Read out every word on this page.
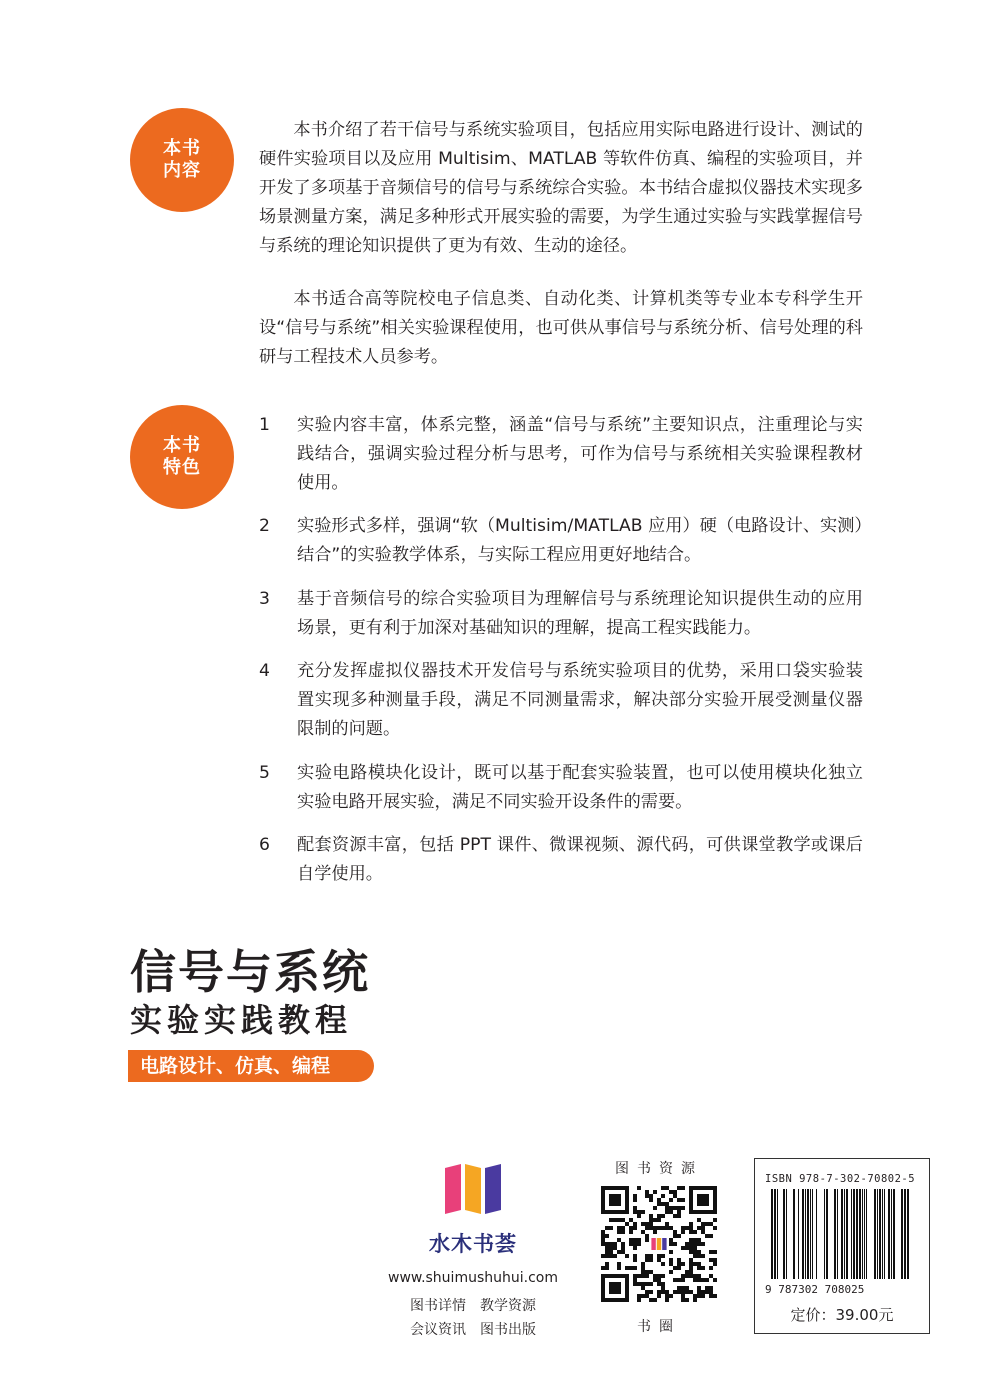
本书
内容

本书介绍了若干信号与系统实验项目，包括应用实际电路进行设计、测试的硬件实验项目以及应用 Multisim、MATLAB 等软件仿真、编程的实验项目，并开发了多项基于音频信号的信号与系统综合实验。本书结合虚拟仪器技术实现多场景测量方案，满足多种形式开展实验的需要，为学生通过实验与实践掌握信号与系统的理论知识提供了更为有效、生动的途径。

本书适合高等院校电子信息类、自动化类、计算机类等专业本专科学生开设“信号与系统”相关实验课程使用，也可供从事信号与系统分析、信号处理的科研与工程技术人员参考。

本书
特色
1 实验内容丰富，体系完整，涵盖“信号与系统”主要知识点，注重理论与实践结合，强调实验过程分析与思考，可作为信号与系统相关实验课程教材使用。
2 实验形式多样，强调“软（Multisim/MATLAB 应用）硬（电路设计、实测）结合”的实验教学体系，与实际工程应用更好地结合。
3 基于音频信号的综合实验项目为理解信号与系统理论知识提供生动的应用场景，更有利于加深对基础知识的理解，提高工程实践能力。
4 充分发挥虚拟仪器技术开发信号与系统实验项目的优势，采用口袋实验装置实现多种测量手段，满足不同测量需求，解决部分实验开展受测量仪器限制的问题。
5 实验电路模块化设计，既可以基于配套实验装置，也可以使用模块化独立实验电路开展实验，满足不同实验开设条件的需要。
6 配套资源丰富，包括 PPT 课件、微课视频、源代码，可供课堂教学或课后自学使用。
信号与系统
实验实践教程
电路设计、仿真、编程
水木书荟
www.shuimushuhui.com
图书详情　教学资源
会议资讯　图书出版
图书资源
书圈
ISBN 978-7-302-70802-5
9 787302 708025
定价：39.00元
